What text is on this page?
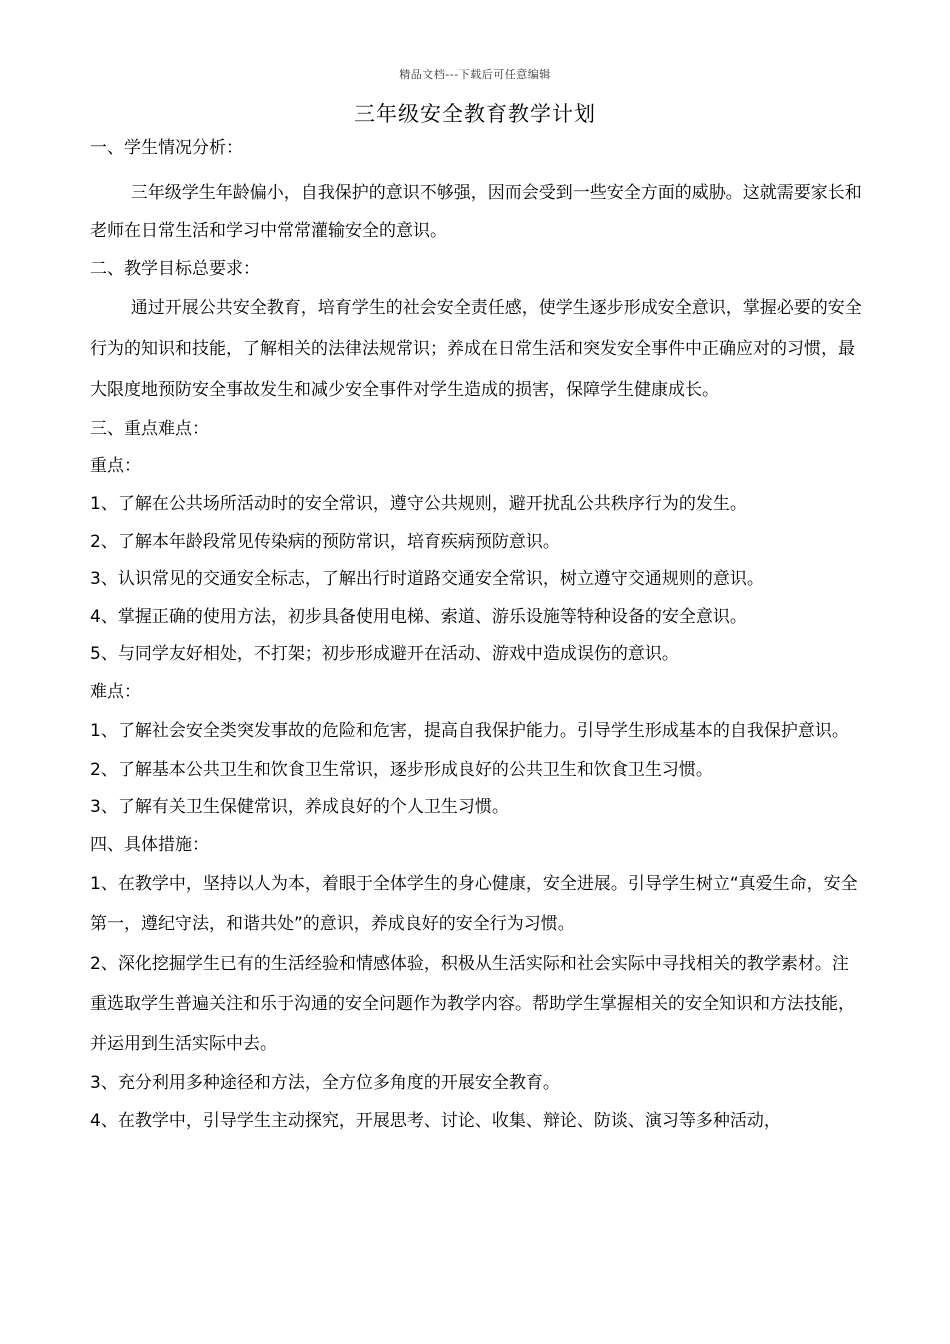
精品文档---下载后可任意编辑
三年级安全教育教学计划

一、学生情况分析：

三年级学生年龄偏小，自我保护的意识不够强，因而会受到一些安全方面的威胁。这就需要家长和老师在日常生活和学习中常常灌输安全的意识。

二、教学目标总要求：

通过开展公共安全教育，培育学生的社会安全责任感，使学生逐步形成安全意识，掌握必要的安全行为的知识和技能，了解相关的法律法规常识；养成在日常生活和突发安全事件中正确应对的习惯，最大限度地预防安全事故发生和减少安全事件对学生造成的损害，保障学生健康成长。

三、重点难点：

重点：

1、了解在公共场所活动时的安全常识，遵守公共规则，避开扰乱公共秩序行为的发生。

2、了解本年龄段常见传染病的预防常识，培育疾病预防意识。

3、认识常见的交通安全标志，了解出行时道路交通安全常识，树立遵守交通规则的意识。

4、掌握正确的使用方法，初步具备使用电梯、索道、游乐设施等特种设备的安全意识。

5、与同学友好相处，不打架；初步形成避开在活动、游戏中造成误伤的意识。

难点：

1、了解社会安全类突发事故的危险和危害，提高自我保护能力。引导学生形成基本的自我保护意识。

2、了解基本公共卫生和饮食卫生常识，逐步形成良好的公共卫生和饮食卫生习惯。

3、了解有关卫生保健常识，养成良好的个人卫生习惯。

四、具体措施：

1、在教学中，坚持以人为本，着眼于全体学生的身心健康，安全进展。引导学生树立“真爱生命，安全第一，遵纪守法，和谐共处”的意识，养成良好的安全行为习惯。

2、深化挖掘学生已有的生活经验和情感体验，积极从生活实际和社会实际中寻找相关的教学素材。注重选取学生普遍关注和乐于沟通的安全问题作为教学内容。帮助学生掌握相关的安全知识和方法技能，并运用到生活实际中去。

3、充分利用多种途径和方法，全方位多角度的开展安全教育。

4、在教学中，引导学生主动探究，开展思考、讨论、收集、辩论、防谈、演习等多种活动，
